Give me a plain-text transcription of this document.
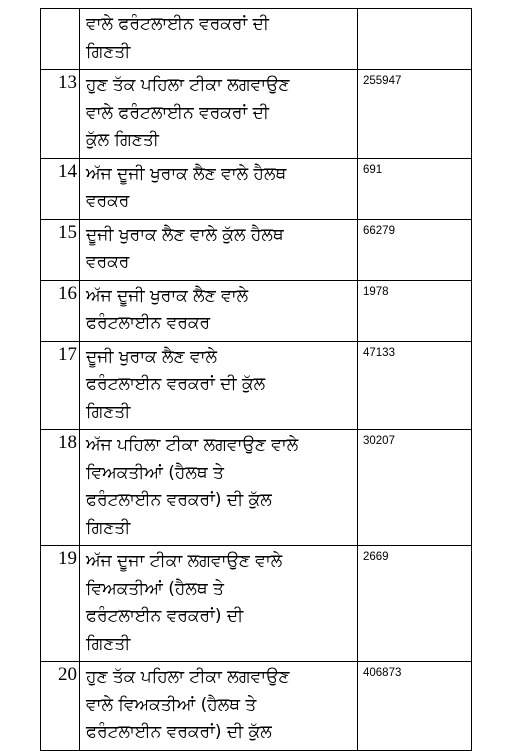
	ਵਾਲੇ ਫਰੰਟਲਾਈਨ ਵਰਕਰਾਂ ਦੀ
ਗਿਣਤੀ	

13	ਹੁਣ ਤੱਕ ਪਹਿਲਾ ਟੀਕਾ ਲਗਵਾਉਣ
ਵਾਲੇ ਫਰੰਟਲਾਈਨ ਵਰਕਰਾਂ ਦੀ
ਕੁੱਲ ਗਿਣਤੀ	255947
14	ਅੱਜ ਦੂਜੀ ਖੁਰਾਕ ਲੈਣ ਵਾਲੇ ਹੈਲਥ
ਵਰਕਰ	691
15	ਦੂਜੀ ਖੁਰਾਕ ਲੈਣ ਵਾਲੇ ਕੁੱਲ ਹੈਲਥ
ਵਰਕਰ	66279
16	ਅੱਜ ਦੂਜੀ ਖੁਰਾਕ ਲੈਣ ਵਾਲੇ
ਫਰੰਟਲਾਈਨ ਵਰਕਰ	1978
17	ਦੂਜੀ ਖੁਰਾਕ ਲੈਣ ਵਾਲੇ
ਫਰੰਟਲਾਈਨ ਵਰਕਰਾਂ ਦੀ ਕੁੱਲ
ਗਿਣਤੀ	47133
18	ਅੱਜ ਪਹਿਲਾ ਟੀਕਾ ਲਗਵਾਉਣ ਵਾਲੇ
ਵਿਅਕਤੀਆਂ (ਹੈਲਥ ਤੇ
ਫਰੰਟਲਾਈਨ ਵਰਕਰਾਂ) ਦੀ ਕੁੱਲ
ਗਿਣਤੀ	30207
19	ਅੱਜ ਦੂਜਾ ਟੀਕਾ ਲਗਵਾਉਣ ਵਾਲੇ
ਵਿਅਕਤੀਆਂ (ਹੈਲਥ ਤੇ
ਫਰੰਟਲਾਈਨ ਵਰਕਰਾਂ) ਦੀ
ਗਿਣਤੀ	2669
20	ਹੁਣ ਤੱਕ ਪਹਿਲਾ ਟੀਕਾ ਲਗਵਾਉਣ
ਵਾਲੇ ਵਿਅਕਤੀਆਂ (ਹੈਲਥ ਤੇ
ਫਰੰਟਲਾਈਨ ਵਰਕਰਾਂ) ਦੀ ਕੁੱਲ	406873
